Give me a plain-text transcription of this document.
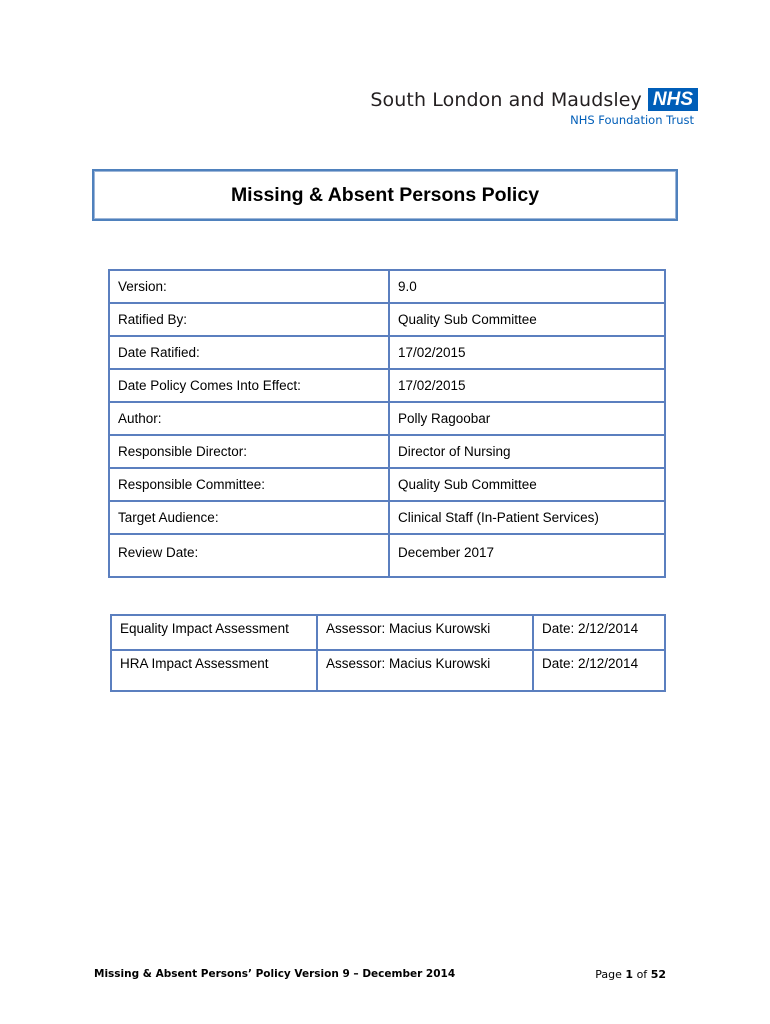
South London and Maudsley NHS
NHS Foundation Trust
Missing & Absent Persons Policy
Version:	9.0
Ratified By:	Quality Sub Committee
Date Ratified:	17/02/2015
Date Policy Comes Into Effect:	17/02/2015
Author:	Polly Ragoobar
Responsible Director:	Director of Nursing
Responsible Committee:	Quality Sub Committee
Target Audience:	Clinical Staff (In-Patient Services)
Review Date:	December 2017
Equality Impact Assessment	Assessor: Macius Kurowski	Date: 2/12/2014
HRA Impact Assessment	Assessor: Macius Kurowski	Date: 2/12/2014
Missing & Absent Persons’ Policy Version 9 – December 2014	Page 1 of 52
